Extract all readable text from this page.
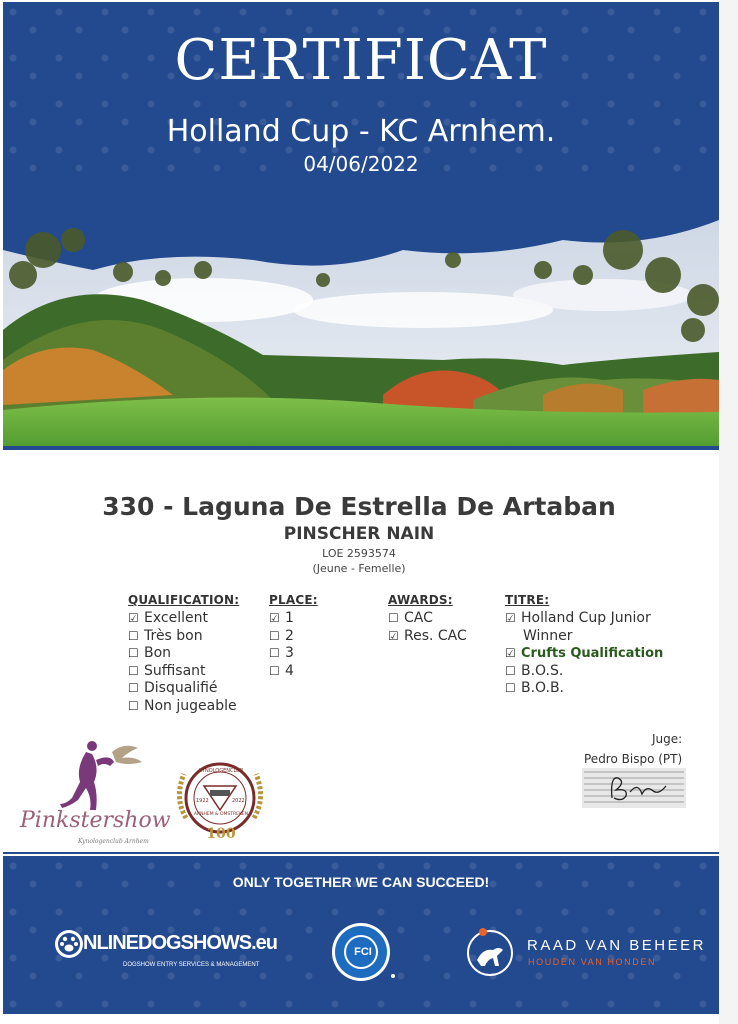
CERTIFICAT
Holland Cup - KC Arnhem.
04/06/2022
330 - Laguna De Estrella De Artaban
PINSCHER NAIN
LOE 2593574
(Jeune - Femelle)
QUALIFICATION:
☑ Excellent
☐ Très bon
☐ Bon
☐ Suffisant
☐ Disqualifié
☐ Non jugeable
PLACE:
☑ 1
☐ 2
☐ 3
☐ 4
AWARDS:
☐ CAC
☑ Res. CAC
TITRE:
☑ Holland Cup Junior
Winner
☑ Crufts Qualification
☐ B.O.S.
☐ B.O.B.
Juge:
Pedro Bispo (PT)
Pinkstershow
Kynologenclub Arnhem
1922	2022
KYNOLOGENCLUB
ARNHEM & OMSTREKEN
100
ONLY TOGETHER WE CAN SUCCEED!
NLINEDOGSHOWS.eu
DOGSHOW ENTRY SERVICES & MANAGEMENT
FCI	RAAD VAN BEHEER
HOUDEN VAN HONDEN
